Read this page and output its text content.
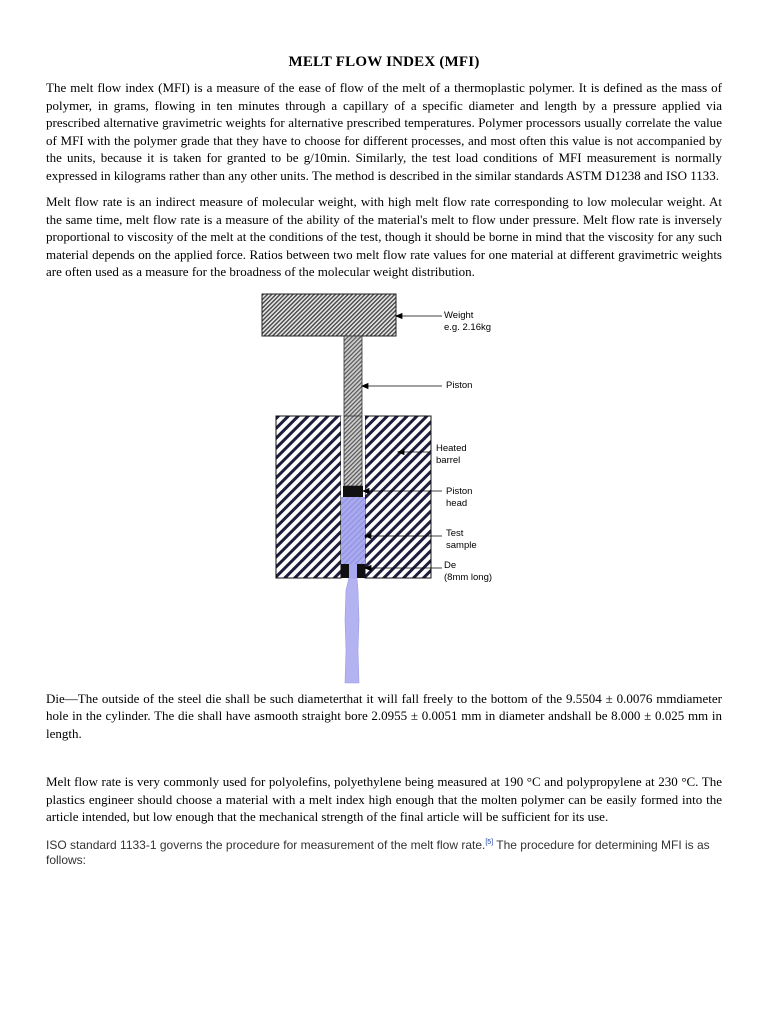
MELT FLOW INDEX (MFI)

The melt flow index (MFI) is a measure of the ease of flow of the melt of a thermoplastic polymer. It is defined as the mass of polymer, in grams, flowing in ten minutes through a capillary of a specific diameter and length by a pressure applied via prescribed alternative gravimetric weights for alternative prescribed temperatures. Polymer processors usually correlate the value of MFI with the polymer grade that they have to choose for different processes, and most often this value is not accompanied by the units, because it is taken for granted to be g/10min. Similarly, the test load conditions of MFI measurement is normally expressed in kilograms rather than any other units. The method is described in the similar standards ASTM D1238 and ISO 1133.

Melt flow rate is an indirect measure of molecular weight, with high melt flow rate corresponding to low molecular weight. At the same time, melt flow rate is a measure of the ability of the material's melt to flow under pressure. Melt flow rate is inversely proportional to viscosity of the melt at the conditions of the test, though it should be borne in mind that the viscosity for any such material depends on the applied force. Ratios between two melt flow rate values for one material at different gravimetric weights are often used as a measure for the broadness of the molecular weight distribution.

Weight
e.g. 2.16kg
Piston
Heated
barrel
Piston
head
Test
sample
De
(8mm long)

Die—The outside of the steel die shall be such diameterthat it will fall freely to the bottom of the 9.5504 ± 0.0076 mmdiameter hole in the cylinder. The die shall have asmooth straight bore 2.0955 ± 0.0051 mm in diameter andshall be 8.000 ± 0.025 mm in length.

Melt flow rate is very commonly used for polyolefins, polyethylene being measured at 190 °C and polypropylene at 230 °C. The plastics engineer should choose a material with a melt index high enough that the molten polymer can be easily formed into the article intended, but low enough that the mechanical strength of the final article will be sufficient for its use.

ISO standard 1133-1 governs the procedure for measurement of the melt flow rate.[5] The procedure for determining MFI is as follows:
